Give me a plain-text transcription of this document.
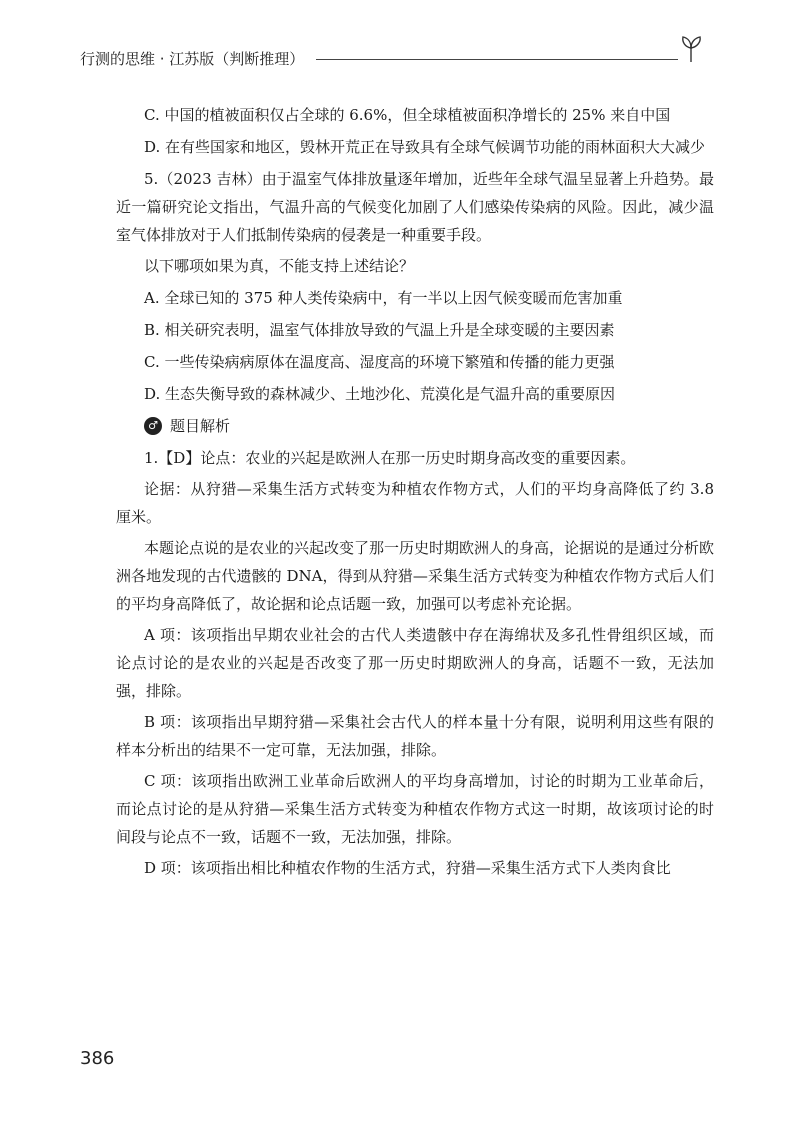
行测的思维 · 江苏版（判断推理）

C. 中国的植被面积仅占全球的 6.6%，但全球植被面积净增长的 25% 来自中国

D. 在有些国家和地区，毁林开荒正在导致具有全球气候调节功能的雨林面积大大减少

5.（2023 吉林）由于温室气体排放量逐年增加，近些年全球气温呈显著上升趋势。最近一篇研究论文指出，气温升高的气候变化加剧了人们感染传染病的风险。因此，减少温室气体排放对于人们抵制传染病的侵袭是一种重要手段。

以下哪项如果为真，不能支持上述结论？

A. 全球已知的 375 种人类传染病中，有一半以上因气候变暖而危害加重

B. 相关研究表明，温室气体排放导致的气温上升是全球变暖的主要因素

C. 一些传染病病原体在温度高、湿度高的环境下繁殖和传播的能力更强

D. 生态失衡导致的森林减少、土地沙化、荒漠化是气温升高的重要原因

♂ 题目解析

1.【D】论点：农业的兴起是欧洲人在那一历史时期身高改变的重要因素。

论据：从狩猎—采集生活方式转变为种植农作物方式，人们的平均身高降低了约 3.8 厘米。

本题论点说的是农业的兴起改变了那一历史时期欧洲人的身高，论据说的是通过分析欧洲各地发现的古代遗骸的 DNA，得到从狩猎—采集生活方式转变为种植农作物方式后人们的平均身高降低了，故论据和论点话题一致，加强可以考虑补充论据。

A 项：该项指出早期农业社会的古代人类遗骸中存在海绵状及多孔性骨组织区域，而论点讨论的是农业的兴起是否改变了那一历史时期欧洲人的身高，话题不一致，无法加强，排除。

B 项：该项指出早期狩猎—采集社会古代人的样本量十分有限，说明利用这些有限的样本分析出的结果不一定可靠，无法加强，排除。

C 项：该项指出欧洲工业革命后欧洲人的平均身高增加，讨论的时期为工业革命后，而论点讨论的是从狩猎—采集生活方式转变为种植农作物方式这一时期，故该项讨论的时间段与论点不一致，话题不一致，无法加强，排除。

D 项：该项指出相比种植农作物的生活方式，狩猎—采集生活方式下人类肉食比

386
